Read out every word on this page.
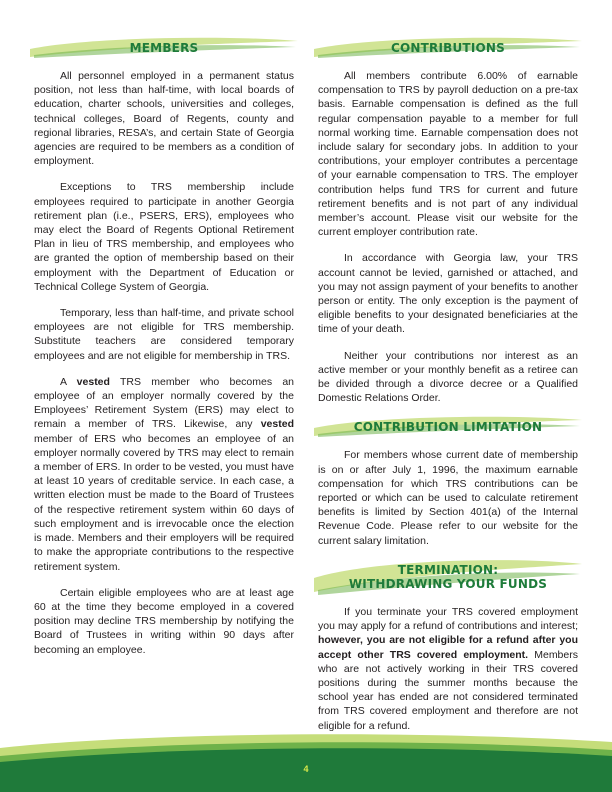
MEMBERS

All personnel employed in a permanent status position, not less than half-time, with local boards of education, charter schools, universities and colleges, technical colleges, Board of Regents, county and regional libraries, RESA’s, and certain State of Georgia agencies are required to be members as a condition of employment.

Exceptions to TRS membership include employees required to participate in another Georgia retirement plan (i.e., PSERS, ERS), employees who may elect the Board of Regents Optional Retirement Plan in lieu of TRS membership, and employees who are granted the option of membership based on their employment with the Department of Education or Technical College System of Georgia.

Temporary, less than half-time, and private school employees are not eligible for TRS membership. Substitute teachers are considered temporary employees and are not eligible for membership in TRS.

A vested TRS member who becomes an employee of an employer normally covered by the Employees’ Retirement System (ERS) may elect to remain a member of TRS. Likewise, any vested member of ERS who becomes an employee of an employer normally covered by TRS may elect to remain a member of ERS. In order to be vested, you must have at least 10 years of creditable service. In each case, a written election must be made to the Board of Trustees of the respective retirement system within 60 days of such employment and is irrevocable once the election is made. Members and their employers will be required to make the appropriate contributions to the respective retirement system.

Certain eligible employees who are at least age 60 at the time they become employed in a covered position may decline TRS membership by notifying the Board of Trustees in writing within 90 days after becoming an employee.

CONTRIBUTIONS

All members contribute 6.00% of earnable compensation to TRS by payroll deduction on a pre-tax basis. Earnable compensation is defined as the full regular compensation payable to a member for full normal working time. Earnable compensation does not include salary for secondary jobs. In addition to your contributions, your employer contributes a percentage of your earnable compensation to TRS. The employer contribution helps fund TRS for current and future retirement benefits and is not part of any individual member’s account. Please visit our website for the current employer contribution rate.

In accordance with Georgia law, your TRS account cannot be levied, garnished or attached, and you may not assign payment of your benefits to another person or entity. The only exception is the payment of eligible benefits to your designated beneficiaries at the time of your death.

Neither your contributions nor interest as an active member or your monthly benefit as a retiree can be divided through a divorce decree or a Qualified Domestic Relations Order.

CONTRIBUTION LIMITATION

For members whose current date of membership is on or after July 1, 1996, the maximum earnable compensation for which TRS contributions can be reported or which can be used to calculate retirement benefits is limited by Section 401(a) of the Internal Revenue Code. Please refer to our website for the current salary limitation.

TERMINATION:
WITHDRAWING YOUR FUNDS

If you terminate your TRS covered employment you may apply for a refund of contributions and interest; however, you are not eligible for a refund after you accept other TRS covered employment. Members who are not actively working in their TRS covered positions during the summer months because the school year has ended are not considered terminated from TRS covered employment and therefore are not eligible for a refund.

4
